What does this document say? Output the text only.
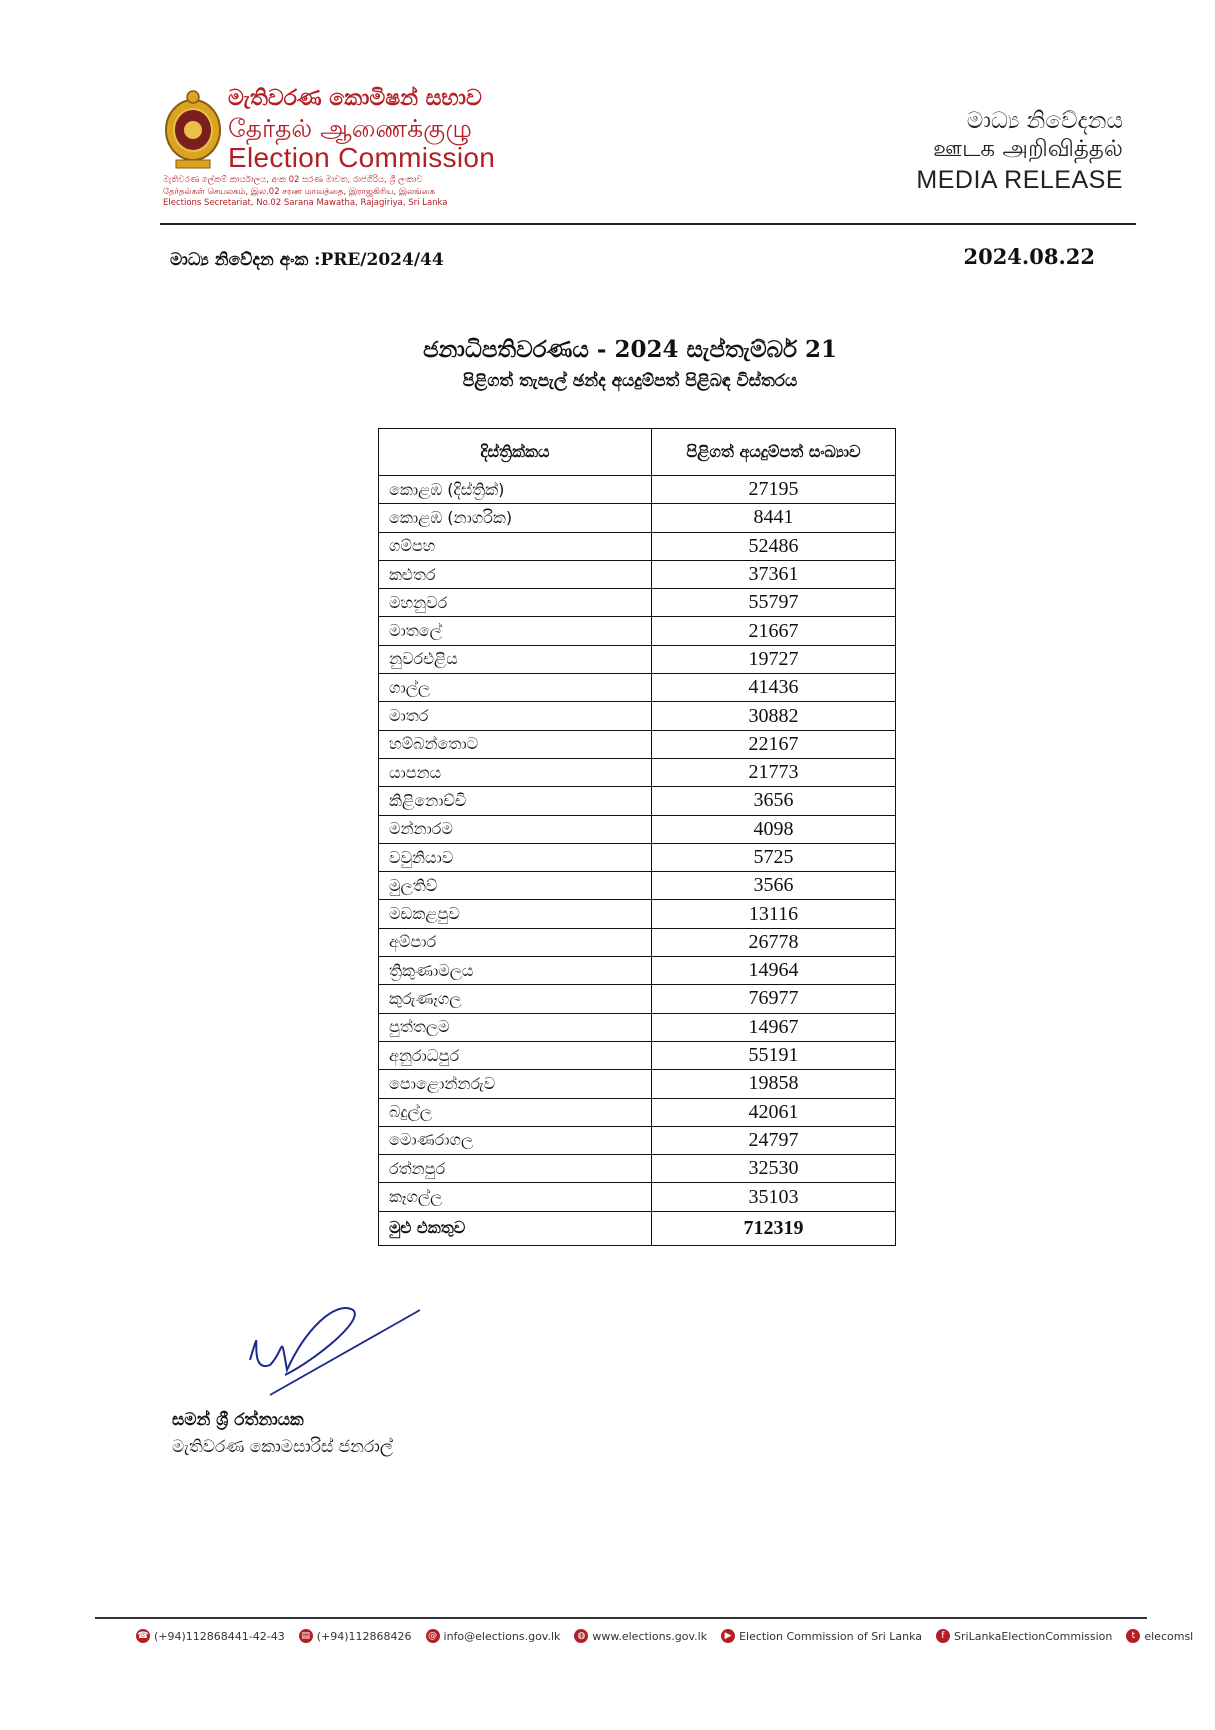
මැතිවරණ කොමිෂන් සභාව
தேர்தல் ஆணைக்குழு
Election Commission
මැතිවරණ ලේකම් කාර්යාලය, අංක 02 සරණ මාවත, රාජගිරිය, ශ්‍රී ලංකාව
தேர்தல்கள் செயலகம், இல.02 சரண மாவத்தை, இராஜகிரிய, இலங்கை
Elections Secretariat, No.02 Sarana Mawatha, Rajagiriya, Sri Lanka
මාධ්‍ය නිවේදනය
ஊடக அறிவித்தல்
MEDIA RELEASE
මාධ්‍ය නිවේදන අංක :PRE/2024/44	2024.08.22
ජනාධිපතිවරණය - 2024 සැප්තැම්බර් 21
පිළිගත් තැපැල් ඡන්ද අයදුම්පත් පිළිබඳ විස්තරය
දිස්ත්‍රික්කය	පිළිගත් අයදුම්පත් සංඛ්‍යාව
කොළඹ (දිස්ත්‍රික්)	27195
කොළඹ (නාගරික)	8441
ගම්පහ	52486
කළුතර	37361
මහනුවර	55797
මාතලේ	21667
නුවරඑළිය	19727
ගාල්ල	41436
මාතර	30882
හම්බන්තොට	22167
යාපනය	21773
කිළිනොච්චි	3656
මන්නාරම	4098
වවුනියාව	5725
මුලතිව්	3566
මඩකළපුව	13116
අම්පාර	26778
ත්‍රිකුණාමලය	14964
කුරුණෑගල	76977
පුත්තලම	14967
අනුරාධපුර	55191
පොළොන්නරුව	19858
බදුල්ල	42061
මොණරාගල	24797
රත්නපුර	32530
කෑගල්ල	35103
මුළු එකතුව	712319
සමන් ශ්‍රී රත්නායක
මැතිවරණ කොමසාරිස් ජනරාල්
☎ (+94)112868441-42-43	▤ (+94)112868426 @ info@elections.gov.lk	◍ www.elections.gov.lk	▶ Election Commission of Sri Lanka	f SriLankaElectionCommission	t elecomsl
